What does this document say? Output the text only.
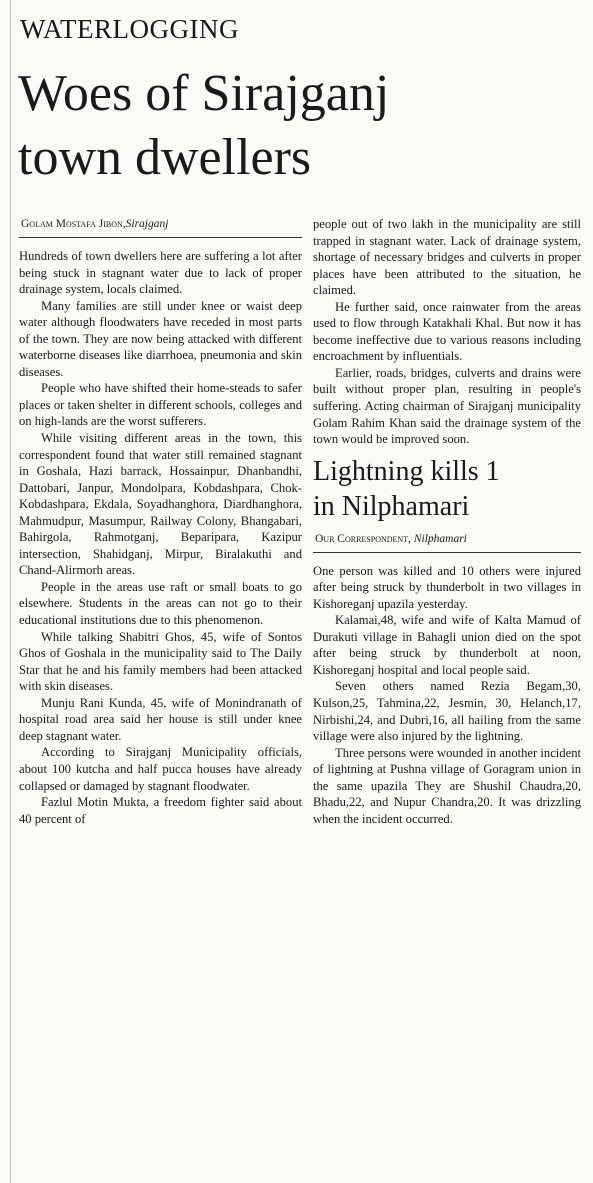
WATERLOGGING
Woes of Sirajganj
town dwellers
Golam Mostafa Jibon,Sirajganj

Hundreds of town dwellers here are suffering a lot after being stuck in stagnant water due to lack of proper drainage system, locals claimed.

Many families are still under knee or waist deep water although floodwaters have receded in most parts of the town. They are now being attacked with different waterborne diseases like diarrhoea, pneumonia and skin diseases.

People who have shifted their home-steads to safer places or taken shelter in different schools, colleges and on high-lands are the worst sufferers.

While visiting different areas in the town, this correspondent found that water still remained stagnant in Goshala, Hazi barrack, Hossainpur, Dhanbandhi, Dattobari, Janpur, Mondolpara, Kobdashpara, Chok-Kobdashpara, Ekdala, Soyadhanghora, Diardhanghora, Mahmudpur, Masumpur, Railway Colony, Bhangabari, Bahirgola, Rahmotganj, Beparipara, Kazipur intersection, Shahidganj, Mirpur, Biralakuthi and Chand-Alirmorh areas.

People in the areas use raft or small boats to go elsewhere. Students in the areas can not go to their educational institutions due to this phenomenon.

While talking Shabitri Ghos, 45, wife of Sontos Ghos of Goshala in the municipality said to The Daily Star that he and his family members had been attacked with skin diseases.

Munju Rani Kunda, 45, wife of Monindranath of hospital road area said her house is still under knee deep stagnant water.

According to Sirajganj Municipality officials, about 100 kutcha and half pucca houses have already collapsed or damaged by stagnant floodwater.

Fazlul Motin Mukta, a freedom fighter said about 40 percent of

people out of two lakh in the municipality are still trapped in stagnant water. Lack of drainage system, shortage of necessary bridges and culverts in proper places have been attributed to the situation, he claimed.

He further said, once rainwater from the areas used to flow through Katakhali Khal. But now it has become ineffective due to various reasons including encroachment by influentials.

Earlier, roads, bridges, culverts and drains were built without proper plan, resulting in people's suffering. Acting chairman of Sirajganj municipality Golam Rahim Khan said the drainage system of the town would be improved soon.

Lightning kills 1
in Nilphamari
Our Correspondent, Nilphamari

One person was killed and 10 others were injured after being struck by thunderbolt in two villages in Kishoreganj upazila yesterday.

Kalamai,48, wife and wife of Kalta Mamud of Durakuti village in Bahagli union died on the spot after being struck by thunderbolt at noon, Kishoreganj hospital and local people said.

Seven others named Rezia Begam,30, Kulson,25, Tahmina,22, Jesmin, 30, Helanch,17, Nirbishi,24, and Dubri,16, all hailing from the same village were also injured by the lightning.

Three persons were wounded in another incident of lightning at Pushna village of Goragram union in the same upazila They are Shushil Chaudra,20, Bhadu,22, and Nupur Chandra,20. It was drizzling when the incident occurred.
